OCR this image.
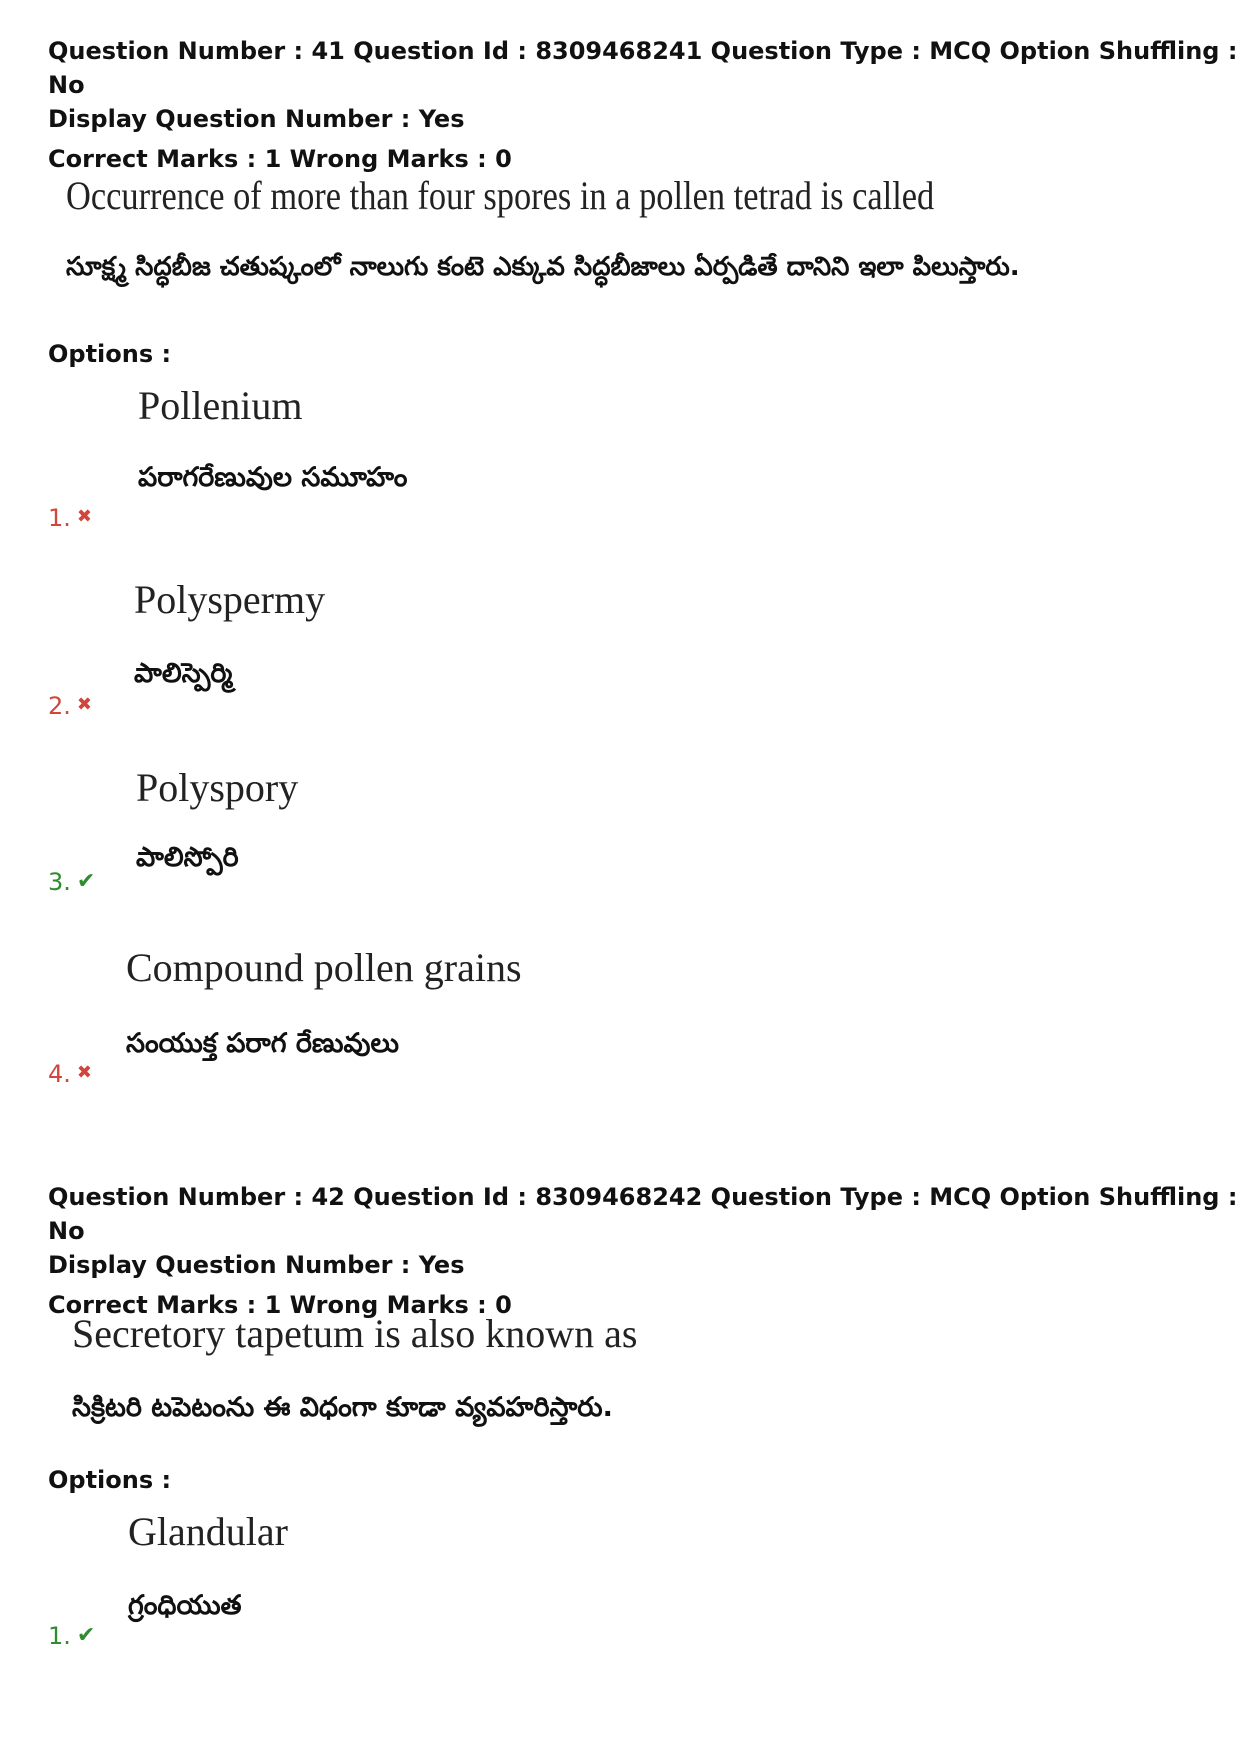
Question Number : 41 Question Id : 8309468241 Question Type : MCQ Option Shuffling : No
Display Question Number : Yes
Correct Marks : 1 Wrong Marks : 0
Occurrence of more than four spores in a pollen tetrad is called
సూక్ష్మ సిద్ధబీజ చతుష్కంలో నాలుగు కంటె ఎక్కువ సిద్ధబీజాలు ఏర్పడితే దానిని ఇలా పిలుస్తారు.
Options :
Pollenium
పరాగరేణువుల సమూహం
1. ✖
Polyspermy
పాలిస్పెర్మి
2. ✖
Polyspory
పాలిస్పోరి
3. ✔
Compound pollen grains
సంయుక్త పరాగ రేణువులు
4. ✖
Question Number : 42 Question Id : 8309468242 Question Type : MCQ Option Shuffling : No
Display Question Number : Yes
Correct Marks : 1 Wrong Marks : 0
Secretory tapetum is also known as
సిక్రిటరి టపెటంను ఈ విధంగా కూడా వ్యవహరిస్తారు.
Options :
Glandular
గ్రంధియుత
1. ✔
